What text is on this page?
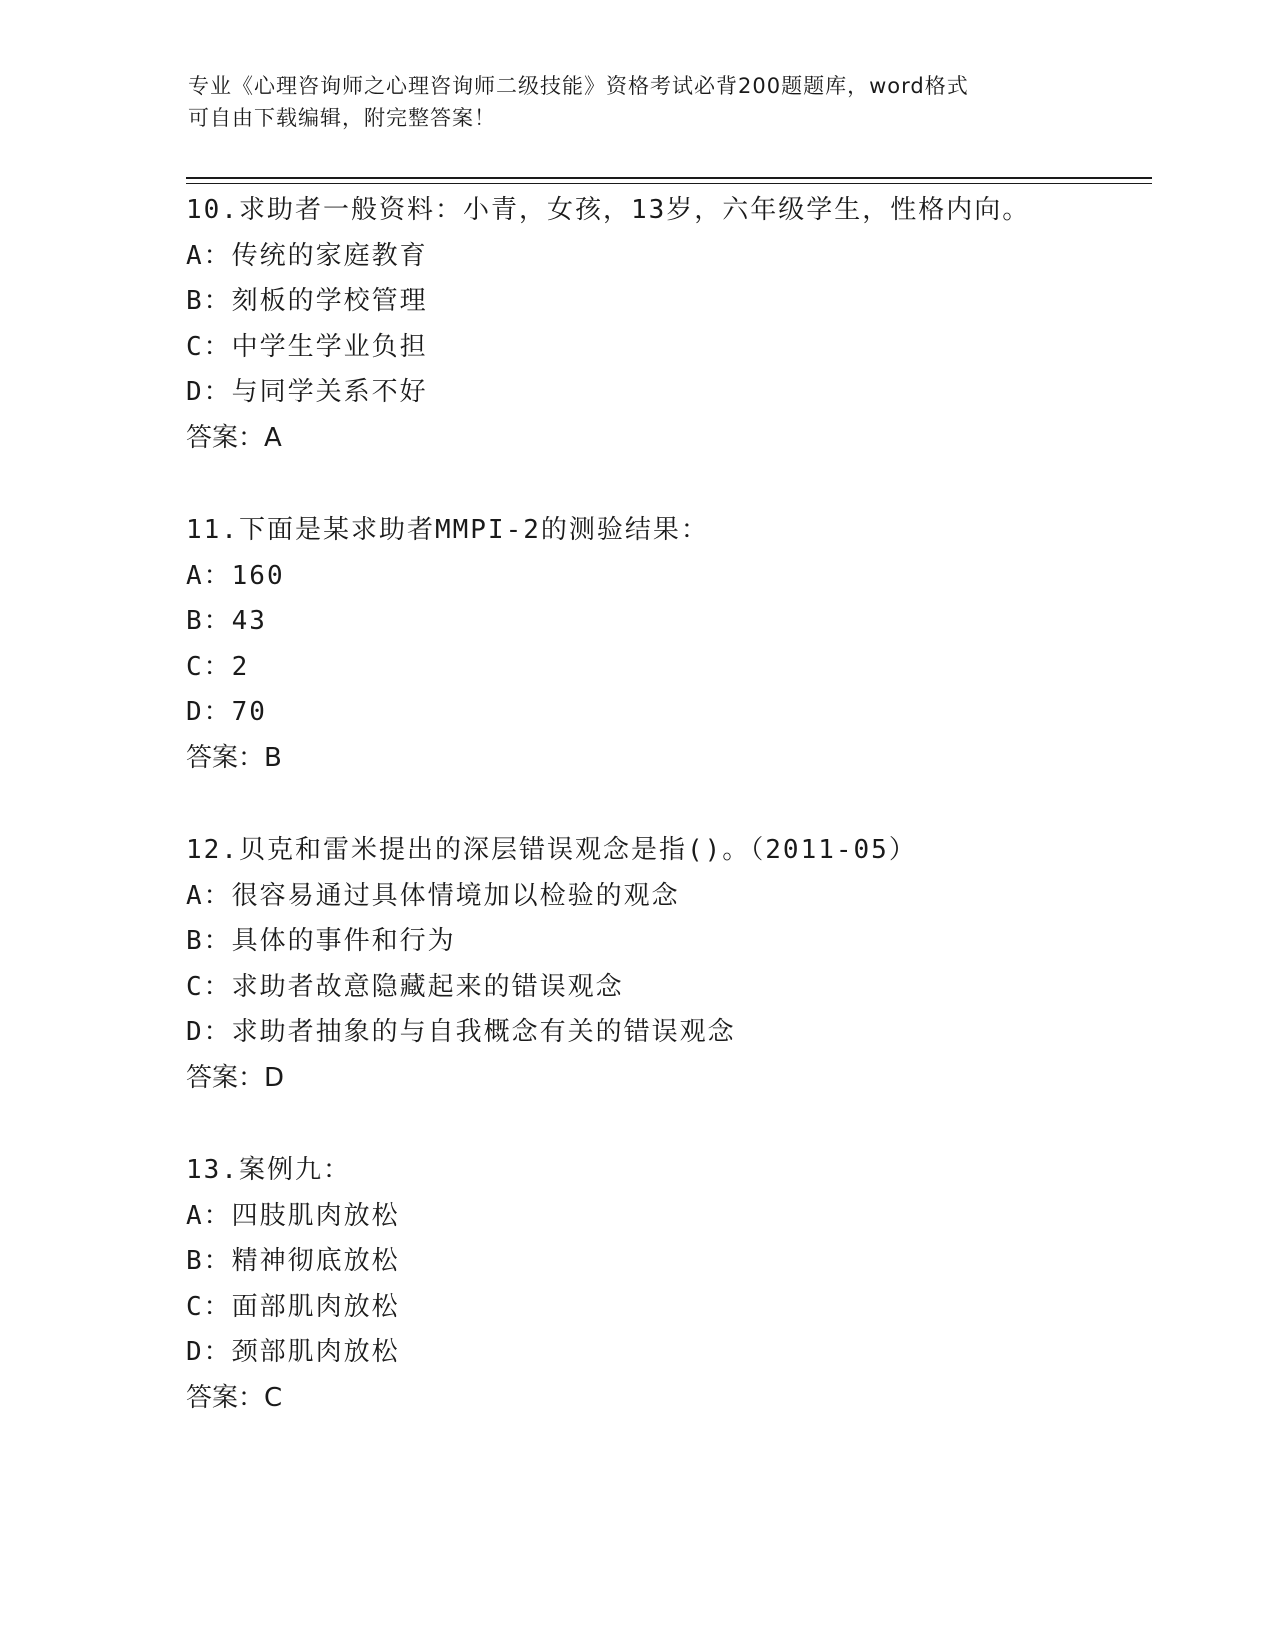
专业《心理咨询师之心理咨询师二级技能》资格考试必背200题题库，word格式
可自由下载编辑，附完整答案！
10.求助者一般资料：小青，女孩，13岁，六年级学生，性格内向。
A：传统的家庭教育
B：刻板的学校管理
C：中学生学业负担
D：与同学关系不好
答案：A
11.下面是某求助者MMPI-2的测验结果：
A：160
B：43
C：2
D：70
答案：B
12.贝克和雷米提出的深层错误观念是指()。（2011-05）
A：很容易通过具体情境加以检验的观念
B：具体的事件和行为
C：求助者故意隐藏起来的错误观念
D：求助者抽象的与自我概念有关的错误观念
答案：D
13.案例九：
A：四肢肌肉放松
B：精神彻底放松
C：面部肌肉放松
D：颈部肌肉放松
答案：C
